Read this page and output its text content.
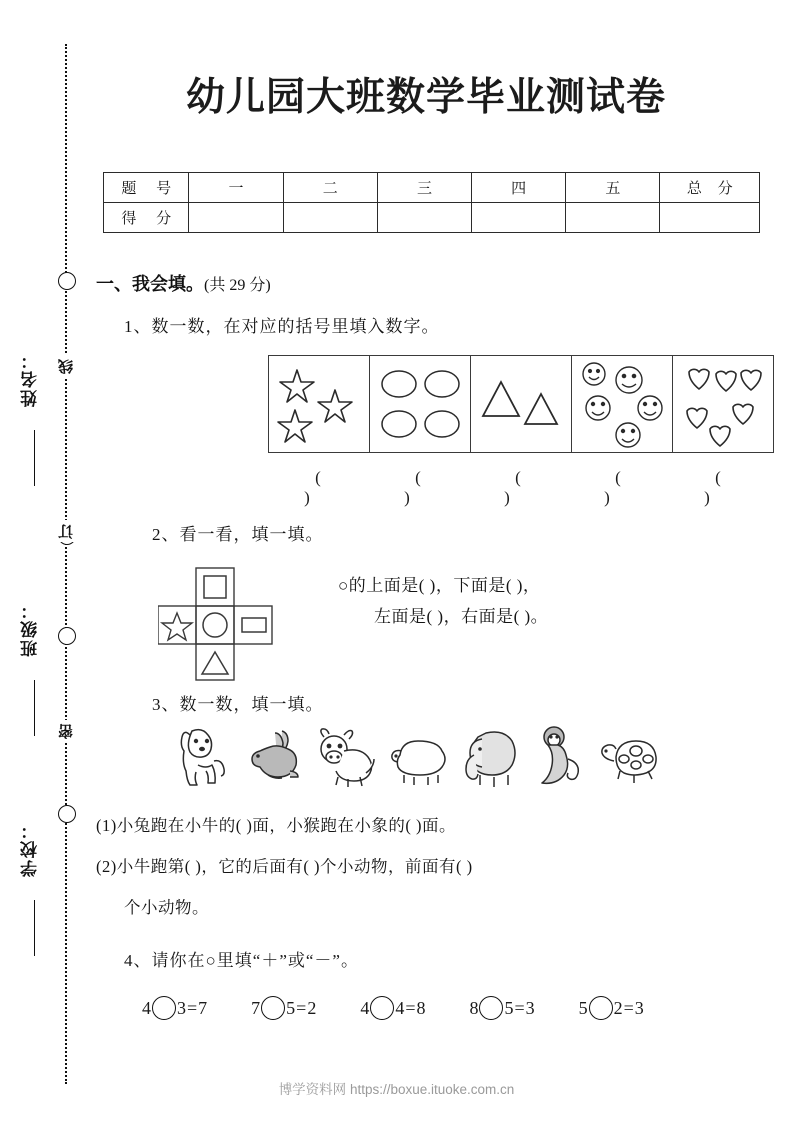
线
订
密
姓名：
班级：
学校：
幼儿园大班数学毕业测试卷
题 号	一	二	三	四	五	总 分
得 分						
一、我会填。(共 29 分)
1、数一数，在对应的括号里填入数字。
( )
( )
( )
( )
( )
2、看一看，填一填。
○的上面是( )，下面是( )，
左面是( )，右面是( )。
3、数一数，填一填。
(1)小兔跑在小牛的( )面，小猴跑在小象的( )面。
(2)小牛跑第( )，它的后面有( )个小动物，前面有( )
个小动物。
4、请你在○里填“＋”或“－”。
4 3 = 7 7 5 = 2 4 4 = 8 8 5 = 3 5 2 = 3
博学资料网 https://boxue.ituoke.com.cn
